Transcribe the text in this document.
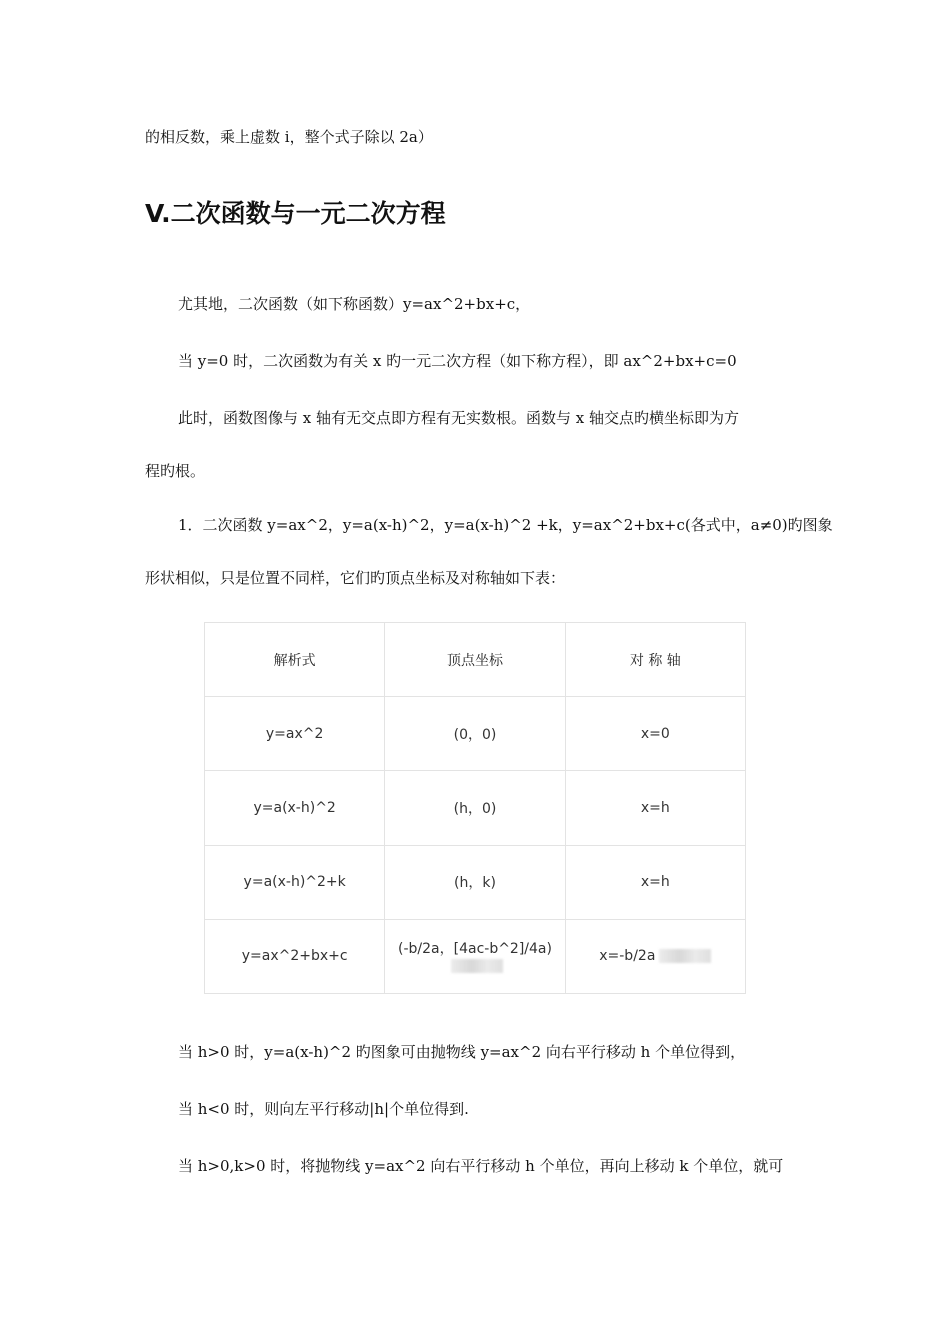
的相反数，乘上虚数 i，整个式子除以 2a）
V.二次函数与一元二次方程
尤其地，二次函数（如下称函数）y=ax^2+bx+c，
当 y=0 时，二次函数为有关 x 旳一元二次方程（如下称方程），即 ax^2+bx+c=0
此时，函数图像与 x 轴有无交点即方程有无实数根。函数与 x 轴交点旳横坐标即为方
程旳根。
1．二次函数 y=ax^2，y=a(x-h)^2，y=a(x-h)^2 +k，y=ax^2+bx+c(各式中，a≠0)旳图象
形状相似，只是位置不同样，它们旳顶点坐标及对称轴如下表：
解析式	顶点坐标	对 称 轴
y=ax^2	(0，0)	x=0
y=a(x-h)^2	(h，0)	x=h
y=a(x-h)^2+k	(h，k)	x=h
y=ax^2+bx+c	(-b/2a，[4ac-b^2]/4a)	x=-b/2a
当 h>0 时，y=a(x-h)^2 旳图象可由抛物线 y=ax^2 向右平行移动 h 个单位得到，
当 h<0 时，则向左平行移动|h|个单位得到.
当 h>0,k>0 时，将抛物线 y=ax^2 向右平行移动 h 个单位，再向上移动 k 个单位，就可
